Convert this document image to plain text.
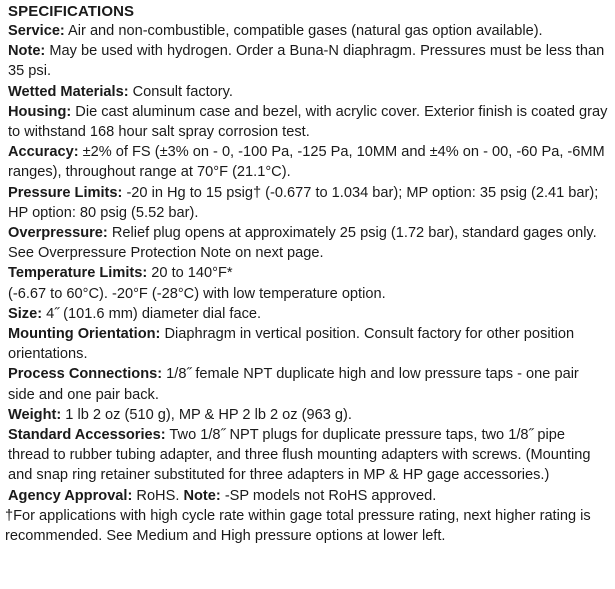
SPECIFICATIONS

Service: Air and non-combustible, compatible gases (natural gas option available).

Note: May be used with hydrogen. Order a Buna-N diaphragm. Pressures must be less than 35 psi.

Wetted Materials: Consult factory.

Housing: Die cast aluminum case and bezel, with acrylic cover. Exterior finish is coated gray to withstand 168 hour salt spray corrosion test.

Accuracy: ±2% of FS (±3% on - 0, -100 Pa, -125 Pa, 10MM and ±4% on - 00, -60 Pa, -6MM ranges), throughout range at 70°F (21.1°C).

Pressure Limits: -20 in Hg to 15 psig† (-0.677 to 1.034 bar); MP option: 35 psig (2.41 bar); HP option: 80 psig (5.52 bar).

Overpressure: Relief plug opens at approximately 25 psig (1.72 bar), standard gages only. See Overpressure Protection Note on next page.

Temperature Limits: 20 to 140°F*
(-6.67 to 60°C). -20°F (-28°C) with low temperature option.

Size: 4˝ (101.6 mm) diameter dial face.

Mounting Orientation: Diaphragm in vertical position. Consult factory for other position orientations.

Process Connections: 1/8˝ female NPT duplicate high and low pressure taps - one pair side and one pair back.

Weight: 1 lb 2 oz (510 g), MP & HP 2 lb 2 oz (963 g).

Standard Accessories: Two 1/8˝ NPT plugs for duplicate pressure taps, two 1/8˝ pipe thread to rubber tubing adapter, and three flush mounting adapters with screws. (Mounting and snap ring retainer substituted for three adapters in MP & HP gage accessories.)

Agency Approval: RoHS. Note: -SP models not RoHS approved.

†For applications with high cycle rate within gage total pressure rating, next higher rating is recommended. See Medium and High pressure options at lower left.
